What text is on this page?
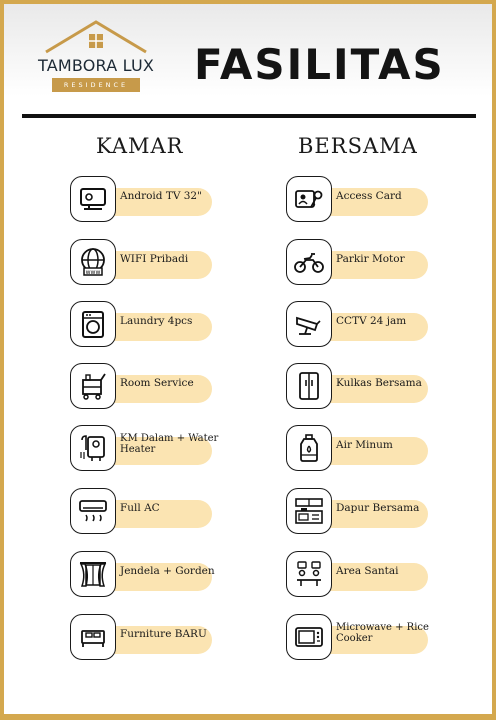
TAMBORA LUX
RESIDENCE FASILITAS
KAMAR	BERSAMA
Android TV 32"
www
WIFI Pribadi
Laundry 4pcs
Room Service
KM Dalam + Water Heater
Full AC
Jendela + Gorden
Furniture BARU
Access Card
Parkir Motor
CCTV 24 jam
Kulkas Bersama
Air Minum
Dapur Bersama
Area Santai
Microwave + Rice Cooker
